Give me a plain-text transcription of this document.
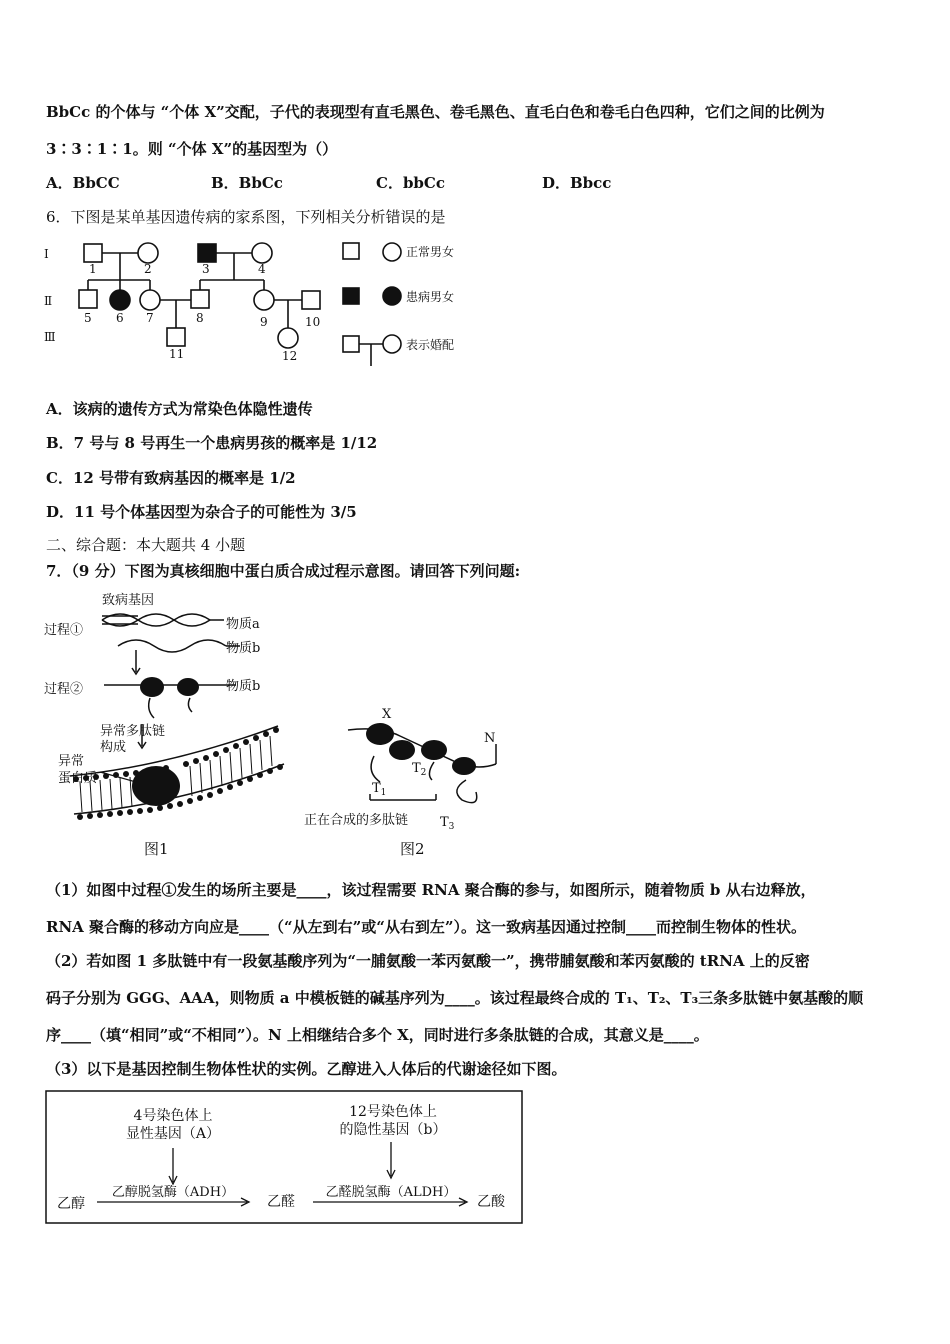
BbCc 的个体与 “个体 X”交配，子代的表现型有直毛黑色、卷毛黑色、直毛白色和卷毛白色四种，它们之间的比例为
3∶3∶1∶1。则 “个体 X”的基因型为（）
A．BbCC	B．BbCc	C．bbCc	D．Bbcc
6．下图是某单基因遗传病的家系图，下列相关分析错误的是
Ⅰ
Ⅱ
Ⅲ
1	2	3	4
5 6 7	8	9	10
11	12
正常男女
患病男女
表示婚配
A．该病的遗传方式为常染色体隐性遗传
B．7 号与 8 号再生一个患病男孩的概率是 1/12
C．12 号带有致病基因的概率是 1/2
D．11 号个体基因型为杂合子的可能性为 3/5
二、综合题：本大题共 4 小题
7．（9 分）下图为真核细胞中蛋白质合成过程示意图。请回答下列问题:
致病基因
过程①	物质a
物质b
过程②	物质b
异常多肽链
构成
异常
蛋白质
图1
X
N
$T_1$
$T_2$
$T_3$
正在合成的多肽链
图2
（1）如图中过程①发生的场所主要是____，该过程需要 RNA 聚合酶的参与，如图所示，随着物质 b 从右边释放，
RNA 聚合酶的移动方向应是____（“从左到右”或“从右到左”）。这一致病基因通过控制____而控制生物体的性状。
（2）若如图 1 多肽链中有一段氨基酸序列为“一脯氨酸一苯丙氨酸一”，携带脯氨酸和苯丙氨酸的 tRNA 上的反密
码子分别为 GGG、AAA，则物质 a 中模板链的碱基序列为____。该过程最终合成的 T₁、T₂、T₃三条多肽链中氨基酸的顺
序____（填“相同”或“不相同”）。N 上相继结合多个 X，同时进行多条肽链的合成，其意义是____。
（3）以下是基因控制生物体性状的实例。乙醇进入人体后的代谢途径如下图。
4号染色体上
显性基因（A）
12号染色体上
的隐性基因（b）
乙醇
乙醇脱氢酶（ADH）
乙醛
乙醛脱氢酶（ALDH）
乙酸
